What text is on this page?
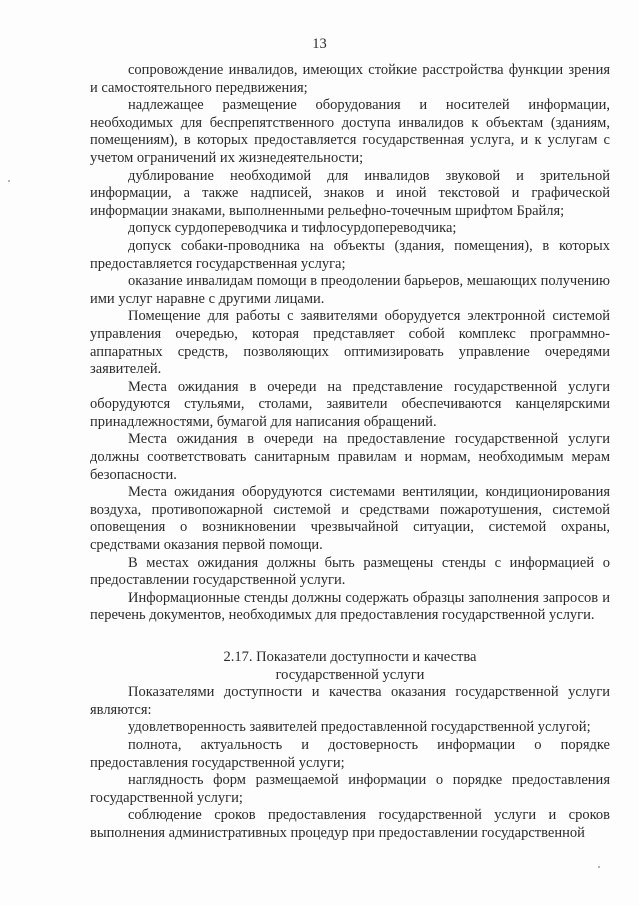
13

сопровождение инвалидов, имеющих стойкие расстройства функции зрения и самостоятельного передвижения;

надлежащее размещение оборудования и носителей информации, необходимых для беспрепятственного доступа инвалидов к объектам (зданиям, помещениям), в которых предоставляется государственная услуга, и к услугам с учетом ограничений их жизнедеятельности;

дублирование необходимой для инвалидов звуковой и зрительной информации, а также надписей, знаков и иной текстовой и графической информации знаками, выполненными рельефно-точечным шрифтом Брайля;

допуск сурдопереводчика и тифлосурдопереводчика;

допуск собаки-проводника на объекты (здания, помещения), в которых предоставляется государственная услуга;

оказание инвалидам помощи в преодолении барьеров, мешающих получению ими услуг наравне с другими лицами.

Помещение для работы с заявителями оборудуется электронной системой управления очередью, которая представляет собой комплекс программно-аппаратных средств, позволяющих оптимизировать управление очередями заявителей.

Места ожидания в очереди на представление государственной услуги оборудуются стульями, столами, заявители обеспечиваются канцелярскими принадлежностями, бумагой для написания обращений.

Места ожидания в очереди на предоставление государственной услуги должны соответствовать санитарным правилам и нормам, необходимым мерам безопасности.

Места ожидания оборудуются системами вентиляции, кондиционирования воздуха, противопожарной системой и средствами пожаротушения, системой оповещения о возникновении чрезвычайной ситуации, системой охраны, средствами оказания первой помощи.

В местах ожидания должны быть размещены стенды с информацией о предоставлении государственной услуги.

Информационные стенды должны содержать образцы заполнения запросов и перечень документов, необходимых для предоставления государственной услуги.

2.17. Показатели доступности и качества
государственной услуги

Показателями доступности и качества оказания государственной услуги являются:

удовлетворенность заявителей предоставленной государственной услугой;

полнота, актуальность и достоверность информации о порядке предоставления государственной услуги;

наглядность форм размещаемой информации о порядке предоставления государственной услуги;

соблюдение сроков предоставления государственной услуги и сроков выполнения административных процедур при предоставлении государственной
